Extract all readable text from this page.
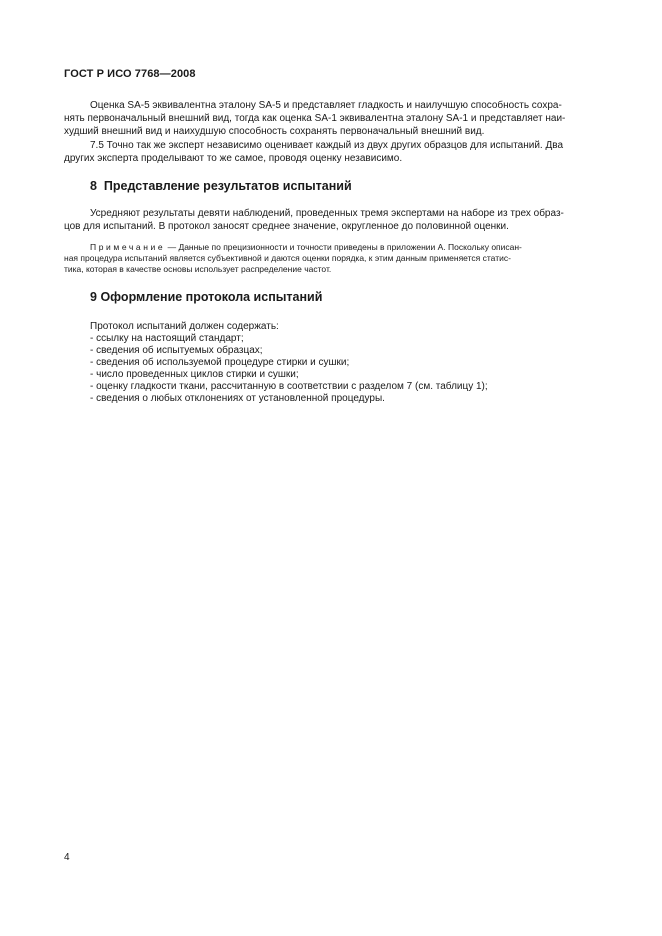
ГОСТ Р ИСО 7768—2008

Оценка SA-5 эквивалентна эталону SA-5 и представляет гладкость и наилучшую способность сохра-
нять первоначальный внешний вид, тогда как оценка SA-1 эквивалентна эталону SA-1 и представляет наи-
худший внешний вид и наихудшую способность сохранять первоначальный внешний вид.

7.5 Точно так же эксперт независимо оценивает каждый из двух других образцов для испытаний. Два
других эксперта проделывают то же самое, проводя оценку независимо.

8 Представление результатов испытаний

Усредняют результаты девяти наблюдений, проведенных тремя экспертами на наборе из трех образ-
цов для испытаний. В протокол заносят среднее значение, округленное до половинной оценки.

Примечание — Данные по прецизионности и точности приведены в приложении А. Поскольку описан-
ная процедура испытаний является субъективной и даются оценки порядка, к этим данным применяется статис-
тика, которая в качестве основы использует распределение частот.

9 Оформление протокола испытаний
Протокол испытаний должен содержать:
- ссылку на настоящий стандарт;
- сведения об испытуемых образцах;
- сведения об используемой процедуре стирки и сушки;
- число проведенных циклов стирки и сушки;
- оценку гладкости ткани, рассчитанную в соответствии с разделом 7 (см. таблицу 1);
- сведения о любых отклонениях от установленной процедуры.
4
